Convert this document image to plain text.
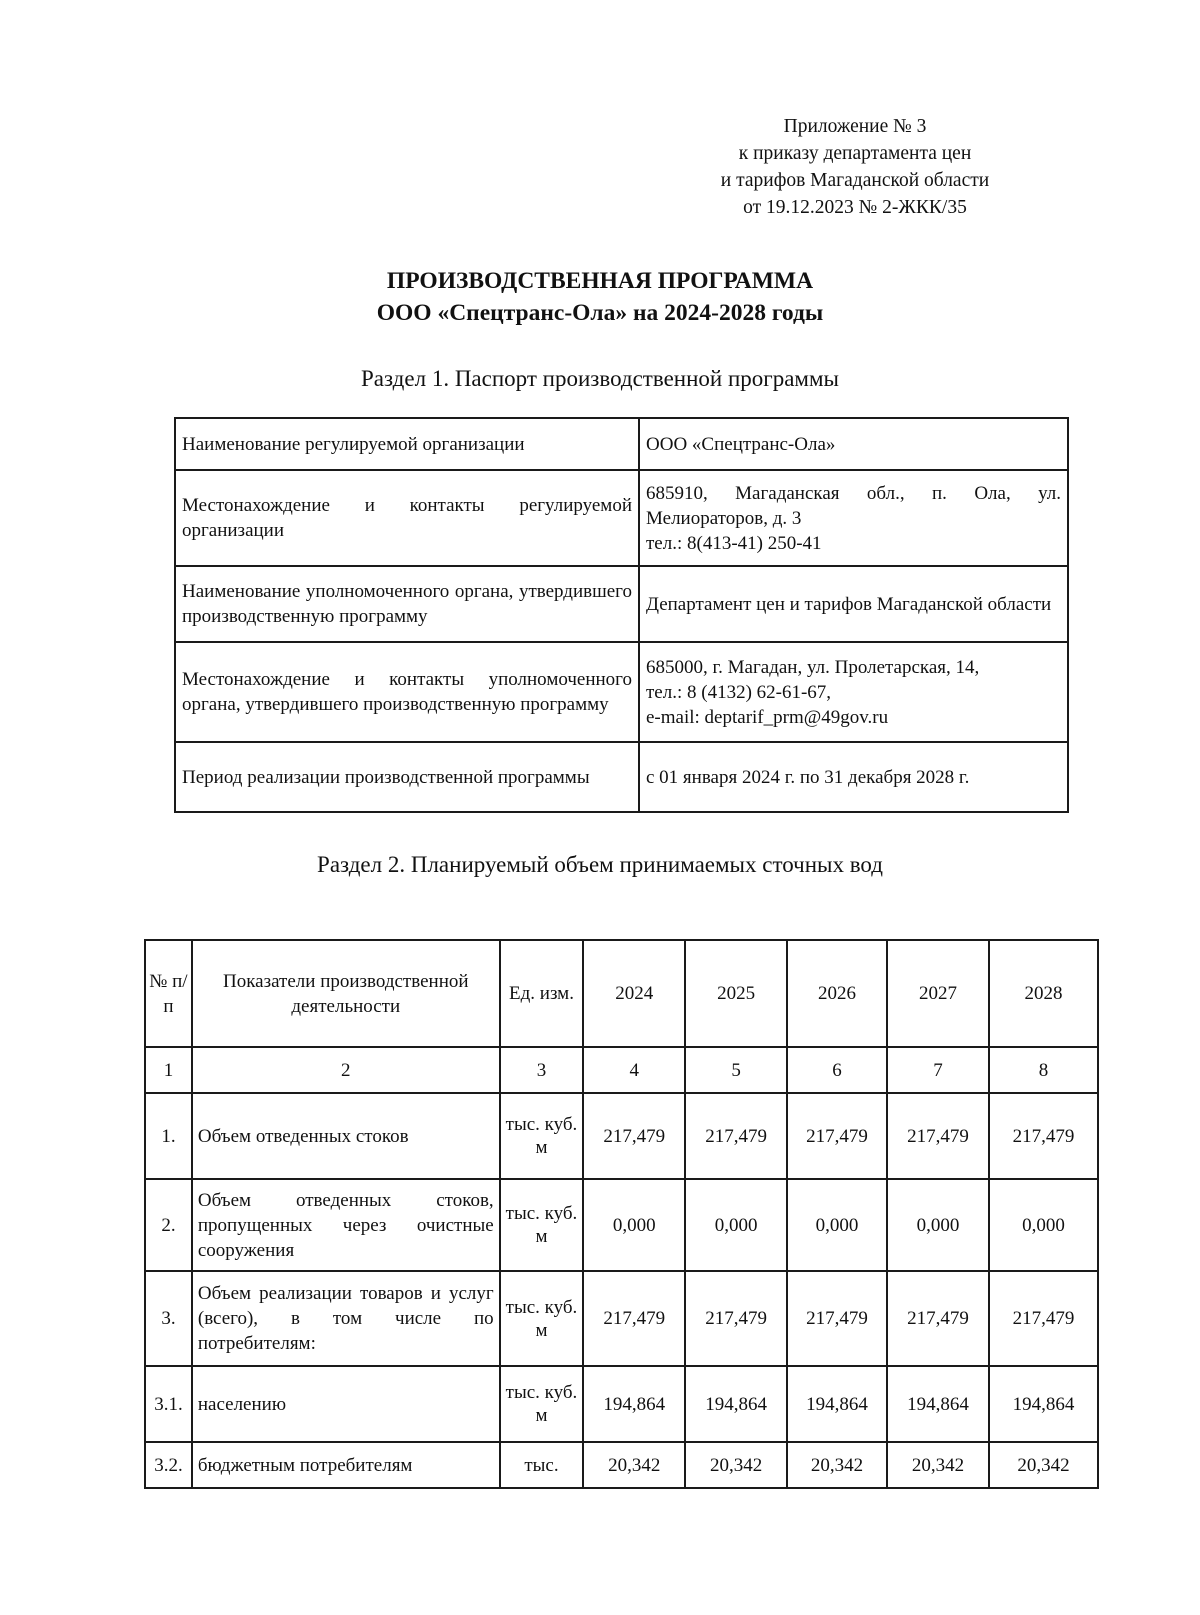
Приложение № 3
к приказу департамента цен
и тарифов Магаданской области
от 19.12.2023 № 2-ЖКК/35
ПРОИЗВОДСТВЕННАЯ ПРОГРАММА
ООО «Спецтранс-Ола» на 2024-2028 годы
Раздел 1. Паспорт производственной программы
Наименование регулируемой организации	ООО «Спецтранс-Ола»

Местонахождение и контакты регулируемой организации	685910, Магаданская обл., п. Ола, ул. Мелиораторов, д. 3
тел.: 8(413-41) 250-41

Наименование уполномоченного органа, утвердившего производственную программу	Департамент цен и тарифов Магаданской области

Местонахождение и контакты уполномоченного органа, утвердившего производственную программу	685000, г. Магадан, ул. Пролетарская, 14,
тел.: 8 (4132) 62-61-67,
e-mail: deptarif_prm@49gov.ru

Период реализации производственной программы	с 01 января 2024 г. по 31 декабря 2028 г.
Раздел 2. Планируемый объем принимаемых сточных вод
№ п/п	Показатели производственной деятельности	Ед. изм.	2024	2025	2026	2027	2028
1	2	3	4	5	6	7	8
1.	Объем отведенных стоков	тыс. куб. м	217,479	217,479	217,479	217,479	217,479
2.	Объем отведенных стоков, пропущенных через очистные сооружения	тыс. куб. м	0,000	0,000	0,000	0,000	0,000
3.	Объем реализации товаров и услуг (всего), в том числе по потребителям:	тыс. куб. м	217,479	217,479	217,479	217,479	217,479
3.1.	населению	тыс. куб. м	194,864	194,864	194,864	194,864	194,864
3.2.	бюджетным потребителям	тыс.	20,342	20,342	20,342	20,342	20,342
